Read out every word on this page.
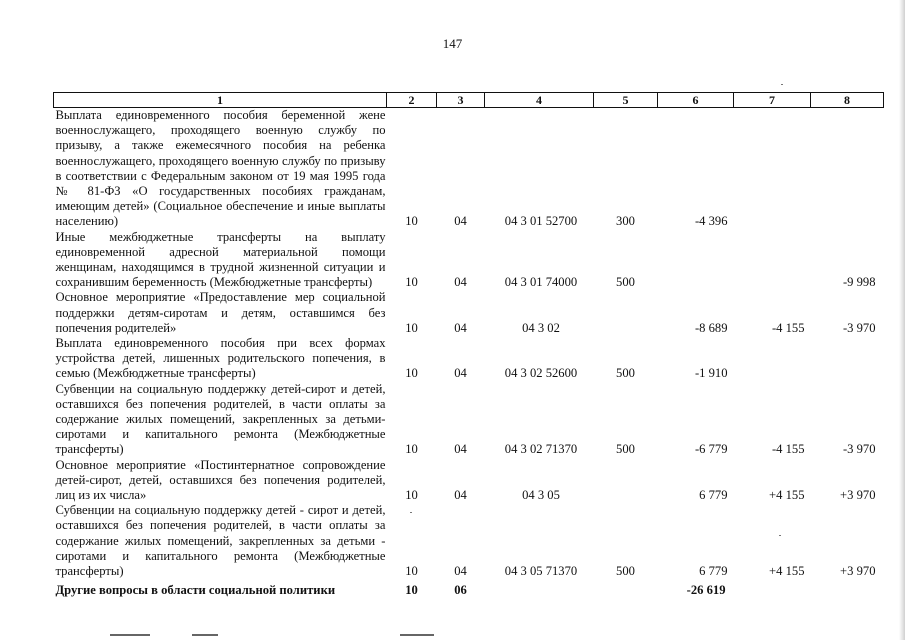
147
1	2	3	4	5	6	7	8
Выплата единовременного пособия беременной жене военнослужащего, проходящего военную службу по призыву, а также ежемесячного пособия на ребенка военнослужащего, проходящего военную службу по призыву в соответствии с Федеральным законом от 19 мая 1995 года № 81-ФЗ «О государственных пособиях гражданам, имеющим детей» (Социальное обеспечение и иные выплаты населению)	10	04	04 3 01 52700	300	-4 396		
Иные межбюджетные трансферты на выплату единовременной адресной материальной помощи женщинам, находящимся в трудной жизненной ситуации и сохранившим беременность (Межбюджетные трансферты)	10	04	04 3 01 74000	500			-9 998
Основное мероприятие «Предоставление мер социальной поддержки детям-сиротам и детям, оставшимся без попечения родителей»	10	04	04 3 02		-8 689	-4 155	-3 970
Выплата единовременного пособия при всех формах устройства детей, лишенных родительского попечения, в семью (Межбюджетные трансферты)	10	04	04 3 02 52600	500	-1 910		
Субвенции на социальную поддержку детей-сирот и детей, оставшихся без попечения родителей, в части оплаты за содержание жилых помещений, закрепленных за детьми-сиротами и капитального ремонта (Межбюджетные трансферты)	10	04	04 3 02 71370	500	-6 779	-4 155	-3 970
Основное мероприятие «Постинтернатное сопровождение детей-сирот, детей, оставшихся без попечения родителей, лиц из их числа»	10	04	04 3 05		6 779	+4 155	+3 970
Субвенции на социальную поддержку детей - сирот и детей, оставшихся без попечения родителей, в части оплаты за содержание жилых помещений, закрепленных за детьми - сиротами и капитального ремонта (Межбюджетные трансферты)	10	04	04 3 05 71370	500	6 779	+4 155	+3 970
Другие вопросы в области социальной политики	10	06			-26 619		
